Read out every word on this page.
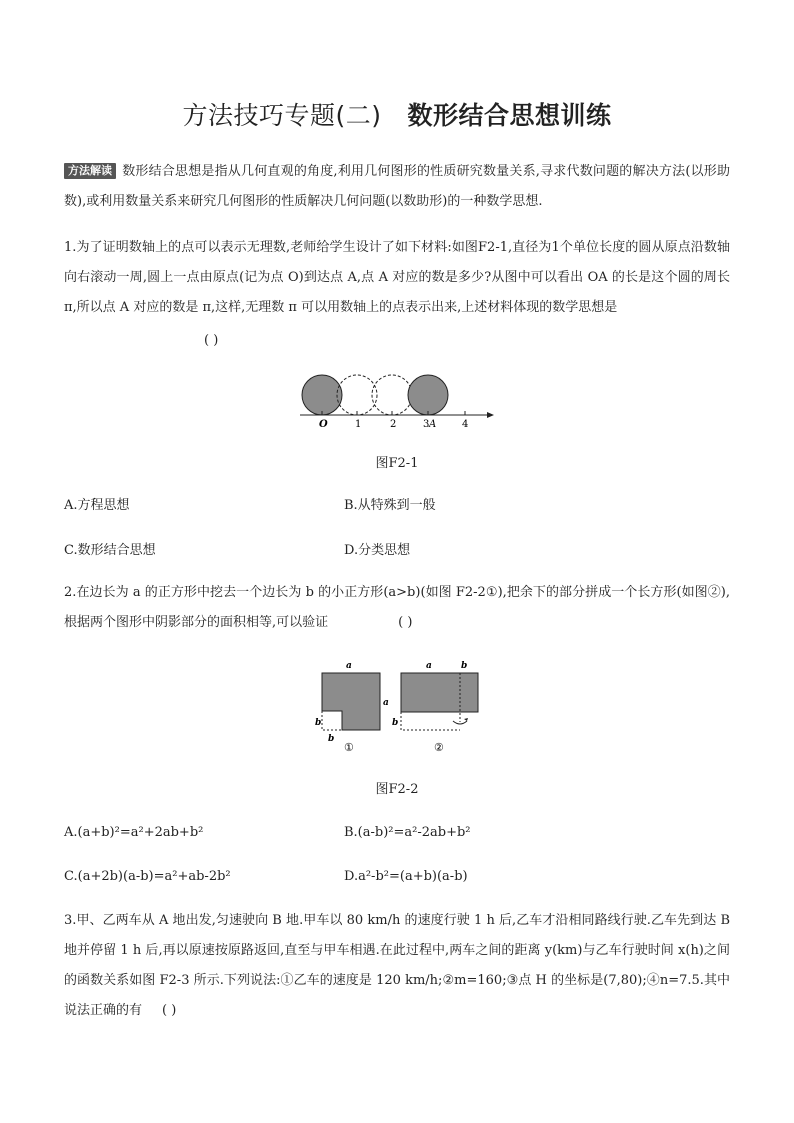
方法技巧专题(二) 数形结合思想训练
方法解读 数形结合思想是指从几何直观的角度,利用几何图形的性质研究数量关系,寻求代数问题的解决方法(以形助数),或利用数量关系来研究几何图形的性质解决几何问题(以数助形)的一种数学思想.
1.为了证明数轴上的点可以表示无理数,老师给学生设计了如下材料:如图F2-1,直径为1个单位长度的圆从原点沿数轴向右滚动一周,圆上一点由原点(记为点 O)到达点 A,点 A 对应的数是多少?从图中可以看出 OA 的长是这个圆的周长 π,所以点 A 对应的数是 π,这样,无理数 π 可以用数轴上的点表示出来,上述材料体现的数学思想是
( )
O	1	2	3 A	4
图F2-1
A.方程思想	B.从特殊到一般
C.数形结合思想	D.分类思想
2.在边长为 a 的正方形中挖去一个边长为 b 的小正方形(a>b)(如图 F2-2①),把余下的部分拼成一个长方形(如图②),根据两个图形中阴影部分的面积相等,可以验证	( )
a
a
b
b
①
a	b
b
②
图F2-2
A.(a+b)²=a²+2ab+b²	B.(a-b)²=a²-2ab+b²
C.(a+2b)(a-b)=a²+ab-2b²	D.a²-b²=(a+b)(a-b)
3.甲、乙两车从 A 地出发,匀速驶向 B 地.甲车以 80 km/h 的速度行驶 1 h 后,乙车才沿相同路线行驶.乙车先到达 B 地并停留 1 h 后,再以原速按原路返回,直至与甲车相遇.在此过程中,两车之间的距离 y(km)与乙车行驶时间 x(h)之间的函数关系如图 F2-3 所示.下列说法:①乙车的速度是 120 km/h;②m=160;③点 H 的坐标是(7,80);④n=7.5.其中说法正确的有 ( )
